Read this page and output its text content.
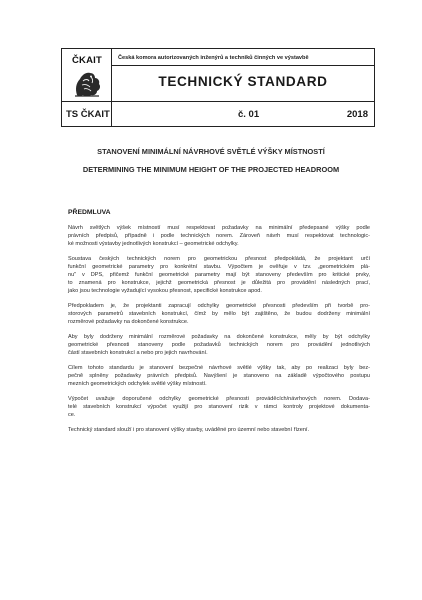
ČKAIT	Česká komora autorizovaných inženýrů a techniků činných ve výstavbě
TECHNICKÝ STANDARD
TS ČKAIT	č. 01	2018
STANOVENÍ MINIMÁLNÍ NÁVRHOVÉ SVĚTLÉ VÝŠKY MÍSTNOSTÍ
DETERMINING THE MINIMUM HEIGHT OF THE PROJECTED HEADROOM
PŘEDMLUVA

Návrh světlých výšek místností musí respektovat požadavky na minimální předepsané výšky podle
právních předpisů, případně i podle technických norem. Zároveň návrh musí respektovat technologic-
ké možnosti výstavby jednotlivých konstrukcí – geometrické odchylky.

Soustava českých technických norem pro geometrickou přesnost předpokládá, že projektant určí
funkční geometrické parametry pro konkrétní stavbu. Výpočtem je ověřuje v tzv. „geometrickém plá-
nu" v DPS, přičemž funkční geometrické parametry mají být stanoveny především pro kritické prvky,
to znamená pro konstrukce, jejichž geometrická přesnost je důležitá pro provádění následných prací,
jako jsou technologie vyžadující vysokou přesnost, specifické konstrukce apod.

Předpokladem je, že projektanti zapracují odchylky geometrické přesnosti především při tvorbě pro-
storových parametrů stavebních konstrukcí, čímž by mělo být zajištěno, že budou dodrženy minimální
rozměrové požadavky na dokončené konstrukce.

Aby byly dodrženy minimální rozměrové požadavky na dokončené konstrukce, měly by být odchylky
geometrické přesnosti stanoveny podle požadavků technických norem pro provádění jednotlivých
částí stavebních konstrukcí a nebo pro jejich navrhování.

Cílem tohoto standardu je stanovení bezpečné návrhové světlé výšky tak, aby po realizaci byly bez-
pečně splněny požadavky právních předpisů. Navýšení je stanoveno na základě výpočtového postupu
mezních geometrických odchylek světlé výšky místností.

Výpočet uvažuje doporučené odchylky geometrické přesnosti prováděcích/návrhových norem. Dodava-
telé stavebních konstrukcí výpočet využijí pro stanovení rizik v rámci kontroly projektové dokumenta-
ce.

Technický standard slouží i pro stanovení výšky stavby, uváděné pro územní nebo stavební řízení.
